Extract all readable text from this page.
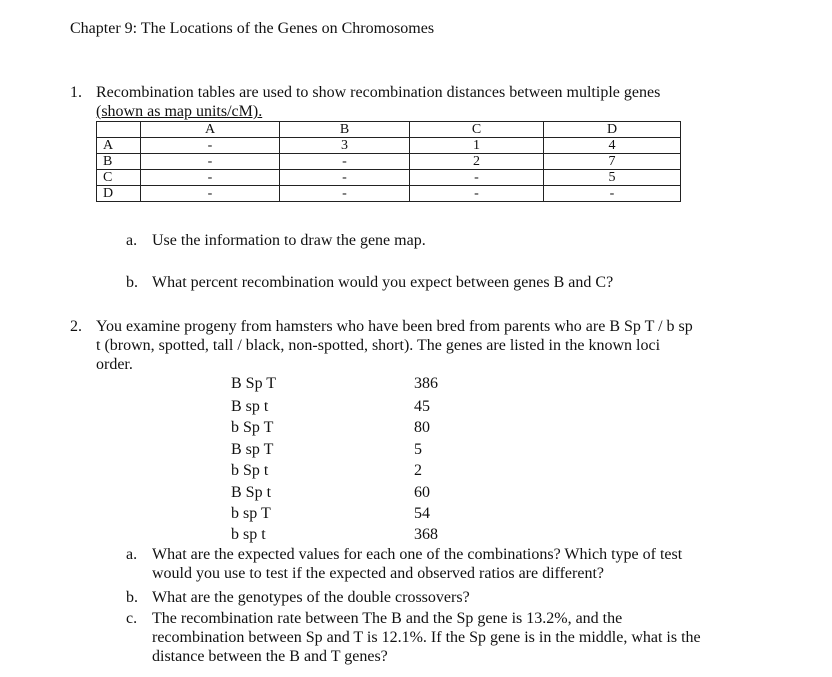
Chapter 9: The Locations of the Genes on Chromosomes
1. Recombination tables are used to show recombination distances between multiple genes
(shown as map units/cM).
	A	B	C	D
A	-	3	1	4
B	-	-	2	7
C	-	-	-	5
D	-	-	-	-
a. Use the information to draw the gene map.
b. What percent recombination would you expect between genes B and C?
2. You examine progeny from hamsters who have been bred from parents who are B Sp T / b sp
t (brown, spotted, tall / black, non-spotted, short). The genes are listed in the known loci
order.
B Sp T	386
B sp t	45
b Sp T	80
B sp T	5
b Sp t	2
B Sp t	60
b sp T	54
b sp t	368
a. What are the expected values for each one of the combinations? Which type of test
would you use to test if the expected and observed ratios are different?
b. What are the genotypes of the double crossovers?
c. The recombination rate between The B and the Sp gene is 13.2%, and the
recombination between Sp and T is 12.1%. If the Sp gene is in the middle, what is the
distance between the B and T genes?
